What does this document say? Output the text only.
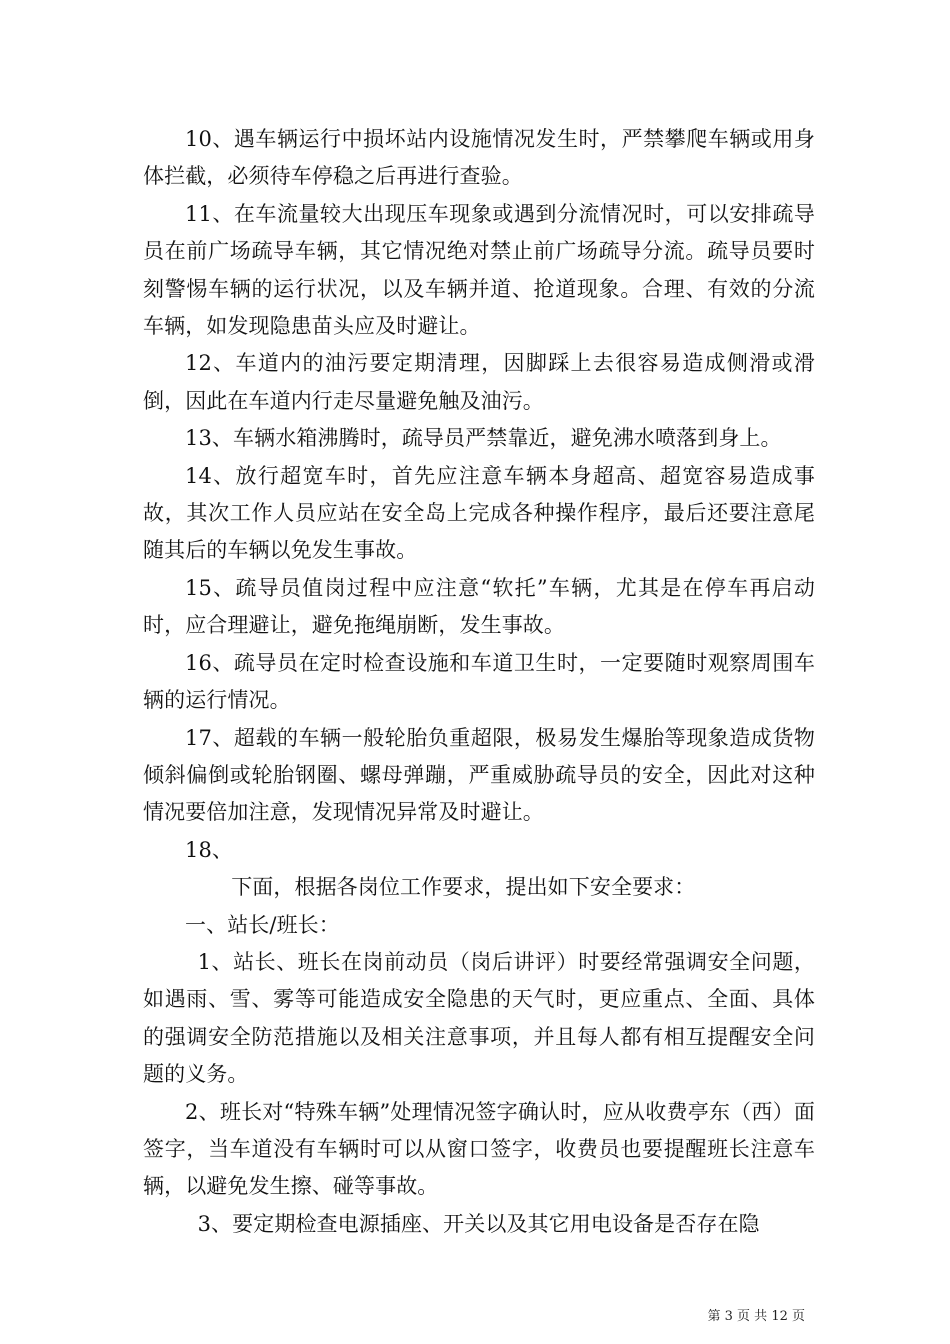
10、遇车辆运行中损坏站内设施情况发生时，严禁攀爬车辆或用身体拦截，必须待车停稳之后再进行查验。

11、在车流量较大出现压车现象或遇到分流情况时，可以安排疏导员在前广场疏导车辆，其它情况绝对禁止前广场疏导分流。疏导员要时刻警惕车辆的运行状况，以及车辆并道、抢道现象。合理、有效的分流车辆，如发现隐患苗头应及时避让。

12、车道内的油污要定期清理，因脚踩上去很容易造成侧滑或滑倒，因此在车道内行走尽量避免触及油污。

13、车辆水箱沸腾时，疏导员严禁靠近，避免沸水喷落到身上。

14、放行超宽车时，首先应注意车辆本身超高、超宽容易造成事故，其次工作人员应站在安全岛上完成各种操作程序，最后还要注意尾随其后的车辆以免发生事故。

15、疏导员值岗过程中应注意“软托”车辆，尤其是在停车再启动时，应合理避让，避免拖绳崩断，发生事故。

16、疏导员在定时检查设施和车道卫生时，一定要随时观察周围车辆的运行情况。

17、超载的车辆一般轮胎负重超限，极易发生爆胎等现象造成货物倾斜偏倒或轮胎钢圈、螺母弹蹦，严重威胁疏导员的安全，因此对这种情况要倍加注意，发现情况异常及时避让。

18、

下面，根据各岗位工作要求，提出如下安全要求：

一、站长/班长：

1、站长、班长在岗前动员（岗后讲评）时要经常强调安全问题，如遇雨、雪、雾等可能造成安全隐患的天气时，更应重点、全面、具体的强调安全防范措施以及相关注意事项，并且每人都有相互提醒安全问题的义务。

2、班长对“特殊车辆”处理情况签字确认时，应从收费亭东（西）面签字，当车道没有车辆时可以从窗口签字，收费员也要提醒班长注意车辆，以避免发生擦、碰等事故。

3、要定期检查电源插座、开关以及其它用电设备是否存在隐

第 3 页 共 12 页
